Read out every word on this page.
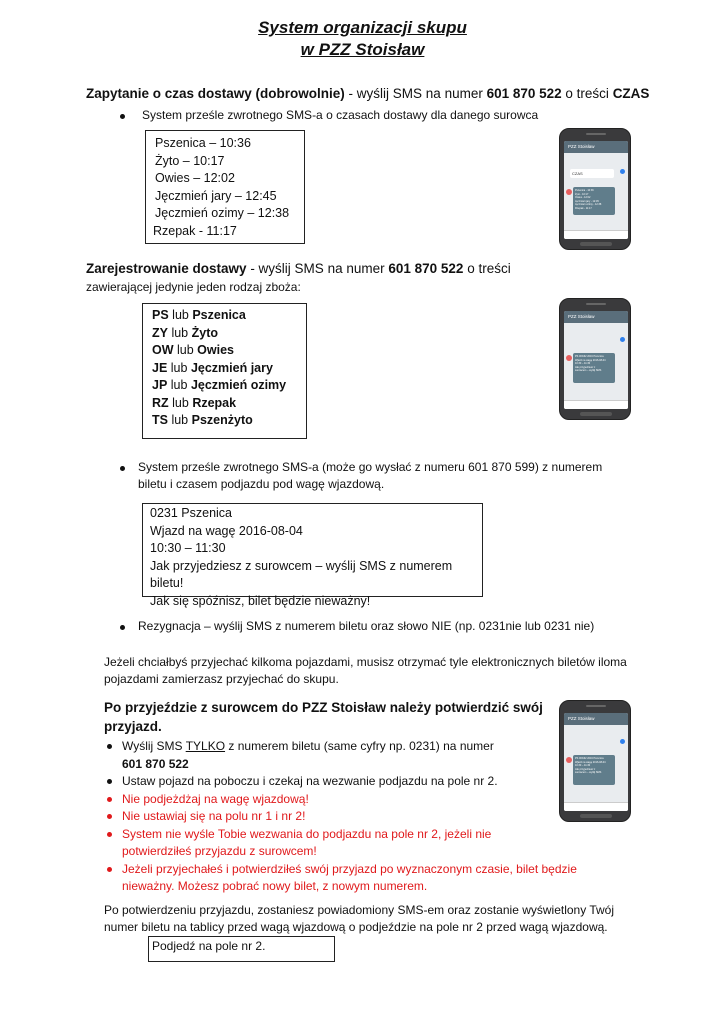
System organizacji skupu
w PZZ Stoisław
Zapytanie o czas dostawy (dobrowolnie) - wyślij SMS na numer 601 870 522 o treści CZAS
System prześle zwrotnego SMS-a o czasach dostawy dla danego surowca
Pszenica – 10:36
Żyto – 10:17
Owies – 12:02
Jęczmień jary – 12:45
Jęczmień ozimy – 12:38
Rzepak - 11:17
PZZ Stoisław
CZAS
Pszenica - 10:36
Żyto - 10:17
Owies - 12:02
Jęczmień jary - 12:45
Jęczmień ozimy - 12:38
Rzepak - 11:17
Zarejestrowanie dostawy - wyślij SMS na numer 601 870 522 o treści
zawierającej jedynie jeden rodzaj zboża:
PS lub Pszenica
ZY lub Żyto
OW lub Owies
JE lub Jęczmień jary
JP lub Jęczmień ozimy
RZ lub Rzepak
TS lub Pszenżyto
PZZ Stoisław
PS 0Ob62 2016 Pszenica
Wjazd na wagę 2016-08-04
10:30 – 11:30
Jak przyjedziesz z
surowcem – wyślij SMS
System prześle zwrotnego SMS-a (może go wysłać z numeru 601 870 599) z numerem
biletu i czasem podjazdu pod wagę wjazdową.
0231 Pszenica
Wjazd na wagę 2016-08-04
10:30 – 11:30
Jak przyjedziesz z surowcem – wyślij SMS z numerem biletu!
Jak się spóźnisz, bilet będzie nieważny!
Rezygnacja – wyślij SMS z numerem biletu oraz słowo NIE (np. 0231nie lub 0231 nie)
Jeżeli chciałbyś przyjechać kilkoma pojazdami, musisz otrzymać tyle elektronicznych biletów ilomа
pojazdami zamierzasz przyjechać do skupu.
Po przyjeździe z surowcem do PZZ Stoisław należy potwierdzić swój
przyjazd.
Wyślij SMS TYLKO z numerem biletu (same cyfry np. 0231) na numer
601 870 522
Ustaw pojazd na poboczu i czekaj na wezwanie podjazdu na pole nr 2.
Nie podjeżdżaj na wagę wjazdową!
Nie ustawiaj się na polu nr 1 i nr 2!
System nie wyśle Tobie wezwania do podjazdu na pole nr 2, jeżeli nie
potwierdziłeś przyjazdu z surowcem!
Jeżeli przyjechałeś i potwierdziłeś swój przyjazd po wyznaczonym czasie, bilet będzie
nieważny. Możesz pobrać nowy bilet, z nowym numerem.
PZZ Stoisław
PS 0Ob62 2016 Pszenica
Wjazd na wagę 2016-08-04
10:30 – 11:30
Jak przyjedziesz z
surowcem – wyślij SMS
Po potwierdzeniu przyjazdu, zostaniesz powiadomiony SMS-em oraz zostanie wyświetlony Twój
numer biletu na tablicy przed wagą wjazdową o podjeździe na pole nr 2 przed wagą wjazdową.
Podjedź na pole nr 2.
